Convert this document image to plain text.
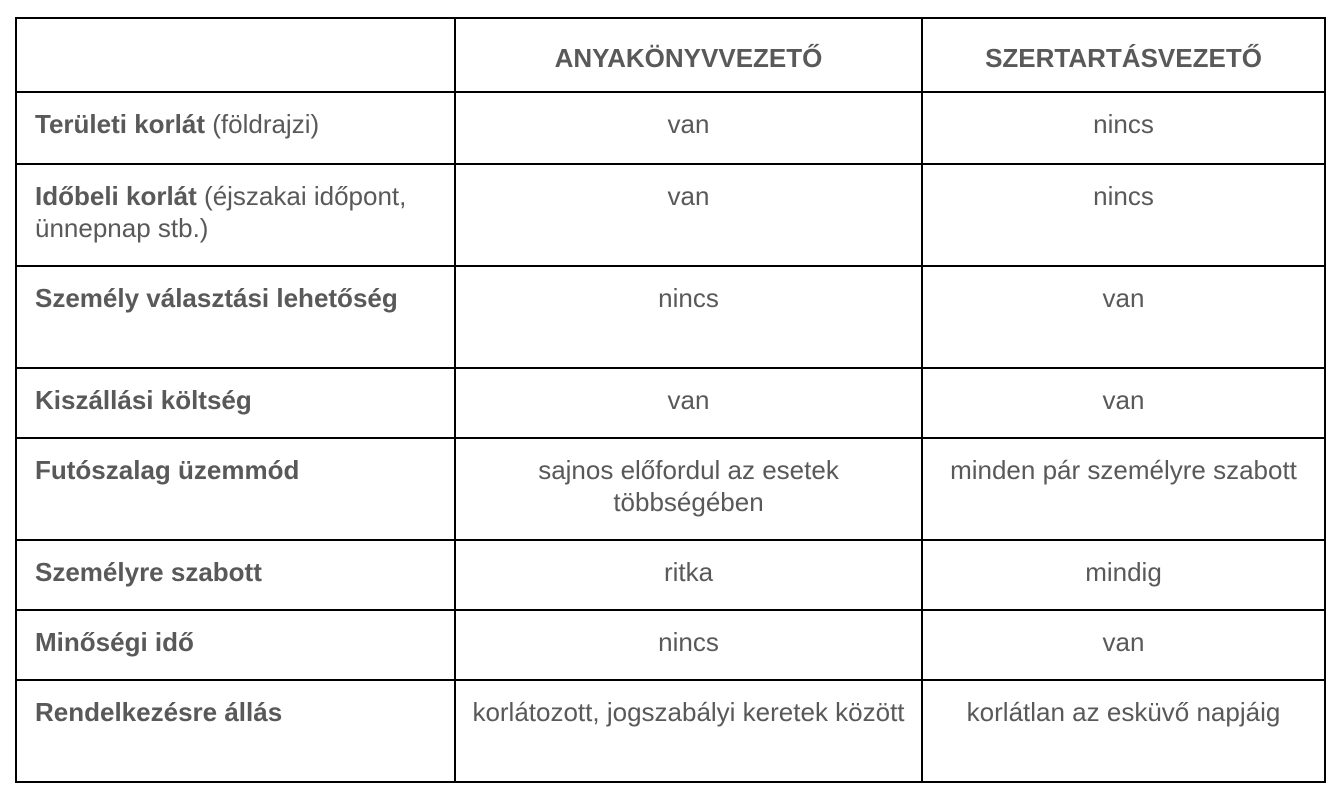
	ANYAKÖNYVVEZETŐ	SZERTARTÁSVEZETŐ

Területi korlát (földrajzi)	van	nincs
Időbeli korlát (éjszakai időpont, ünnepnap stb.)	van	nincs
Személy választási lehetőség	nincs	van
Kiszállási költség	van	van
Futószalag üzemmód	sajnos előfordul az esetek többségében	minden pár személyre szabott
Személyre szabott	ritka	mindig
Minőségi idő	nincs	van
Rendelkezésre állás	korlátozott, jogszabályi keretek között	korlátlan az esküvő napjáig
